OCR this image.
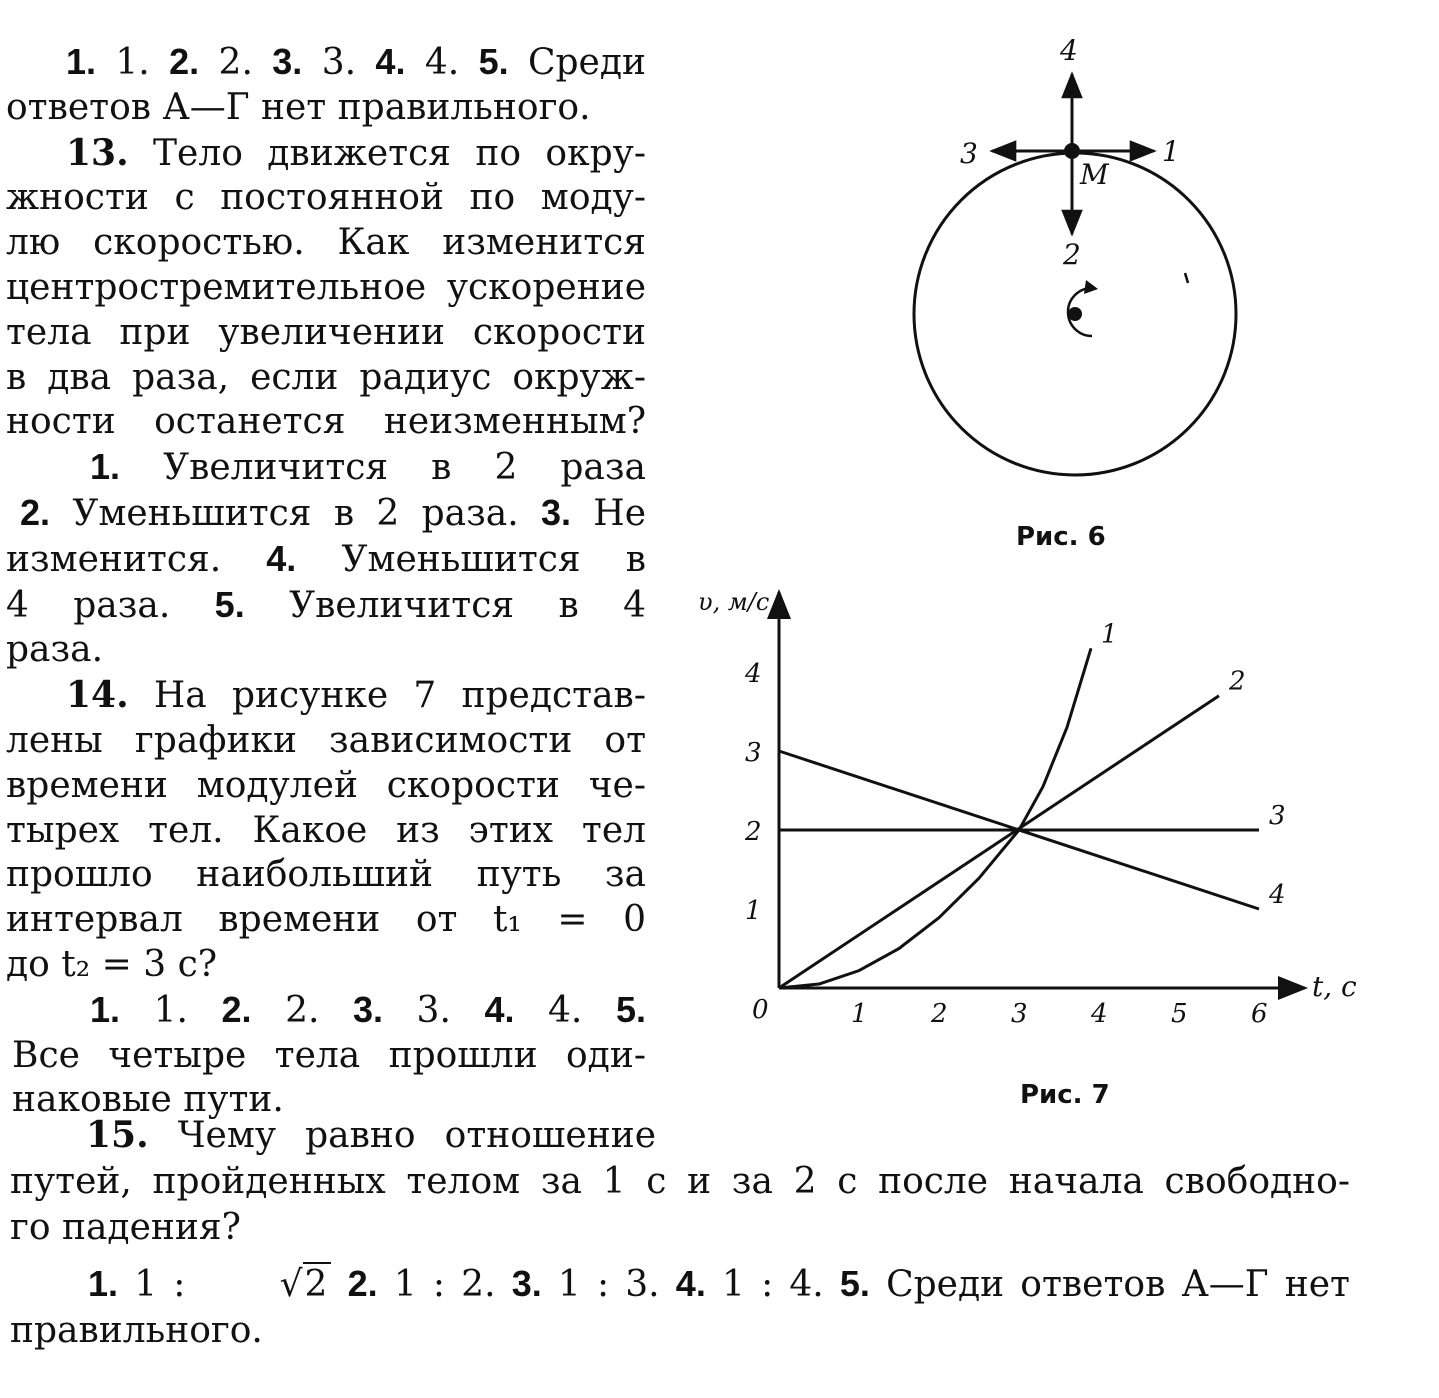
1. 1. 2. 2. 3. 3. 4. 4. 5. Среди

ответов А—Г нет правильного.

13. Тело движется по окру-

жности с постоянной по моду-

лю скоростью. Как изменится

центростремительное ускорение

тела при увеличении скорости

в два раза, если радиус окруж-

ности останется неизменным?

1. Увеличится в 2 раза

2. Уменьшится в 2 раза. 3. Не

изменится. 4. Уменьшится в

4 раза. 5. Увеличится в 4

раза.

14. На рисунке 7 представ-

лены графики зависимости от

времени модулей скорости че-

тырех тел. Какое из этих тел

прошло наибольший путь за

интервал времени от t₁ = 0

до t₂ = 3 с?

1. 1. 2. 2. 3. 3. 4. 4. 5.

Все четыре тела прошли оди-

наковые пути.

15. Чему равно отношение

путей, пройденных телом за 1 с и за 2 с после начала свободно-

го падения?

1. 1 :	√2 2. 1 : 2. 3. 1 : 3. 4. 1 : 4. 5. Среди ответов А—Г нет

правильного.

1
3
4
2
M
Рис. 6
1 2 3 4 5 6
1
2
3
4
1
2
3
4
t, с
υ, м/с
0
Рис. 7
